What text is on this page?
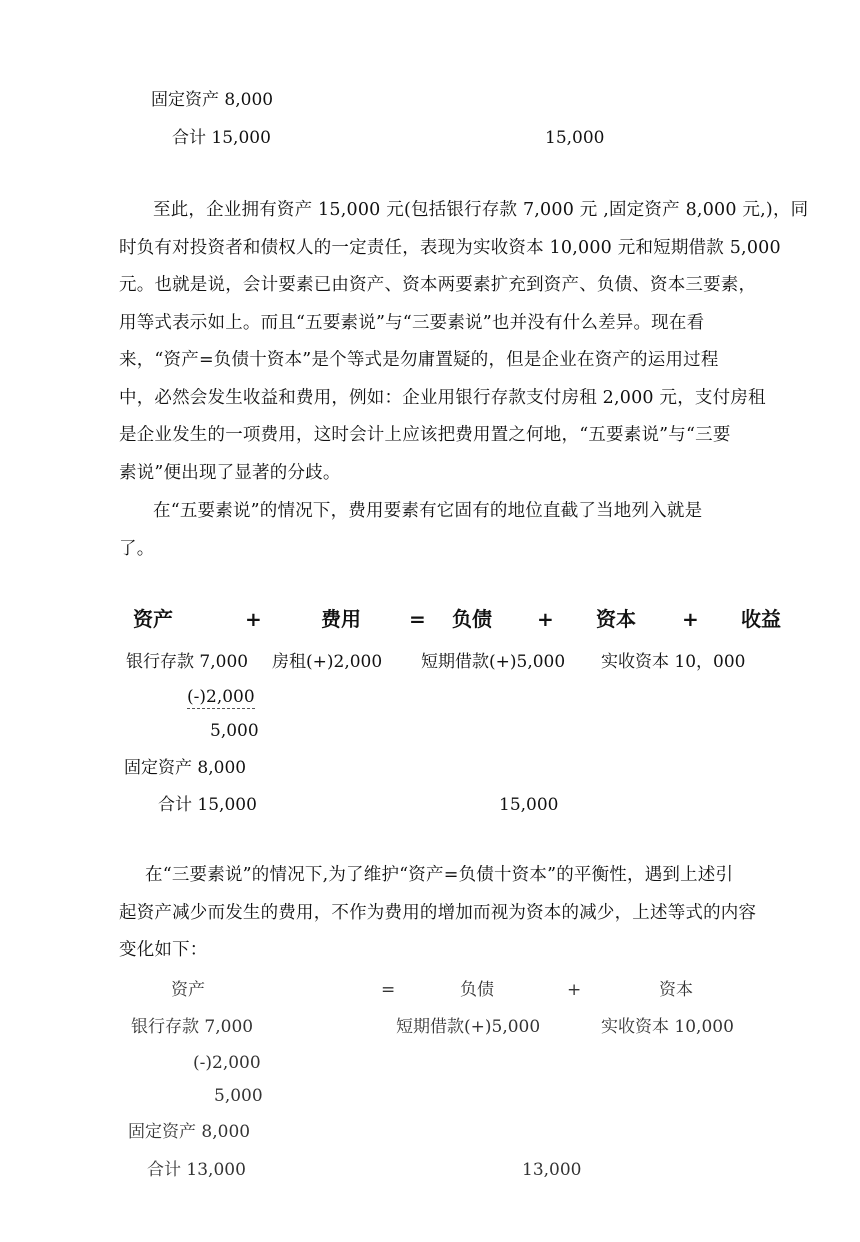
固定资产 8,000
合计 15,000	15,000
至此，企业拥有资产 15,000 元(包括银行存款 7,000 元 ,固定资产 8,000 元,)，同
时负有对投资者和债权人的一定责任，表现为实收资本 10,000 元和短期借款 5,000
元。也就是说，会计要素已由资产、资本两要素扩充到资产、负债、资本三要素，
用等式表示如上。而且“五要素说”与“三要素说”也并没有什么差异。现在看
来，“资产=负债十资本”是个等式是勿庸置疑的，但是企业在资产的运用过程
中，必然会发生收益和费用，例如：企业用银行存款支付房租 2,000 元，支付房租
是企业发生的一项费用，这时会计上应该把费用置之何地，“五要素说”与“三要
素说”便出现了显著的分歧。
在“五要素说”的情况下，费用要素有它固有的地位直截了当地列入就是
了。
资产	+	费用 = 负债 + 资本 + 收益
银行存款 7,000 房租(+)2,000 短期借款(+)5,000 实收资本 10，000
(-)2,000
5,000
固定资产 8,000
合计 15,000	15,000
在“三要素说”的情况下,为了维护“资产=负债十资本”的平衡性，遇到上述引
起资产减少而发生的费用，不作为费用的增加而视为资本的减少，上述等式的内容
变化如下：
资产	=	负债	+	资本
银行存款 7,000	短期借款(+)5,000	实收资本 10,000
(-)2,000
5,000
固定资产 8,000
合计 13,000	13,000
